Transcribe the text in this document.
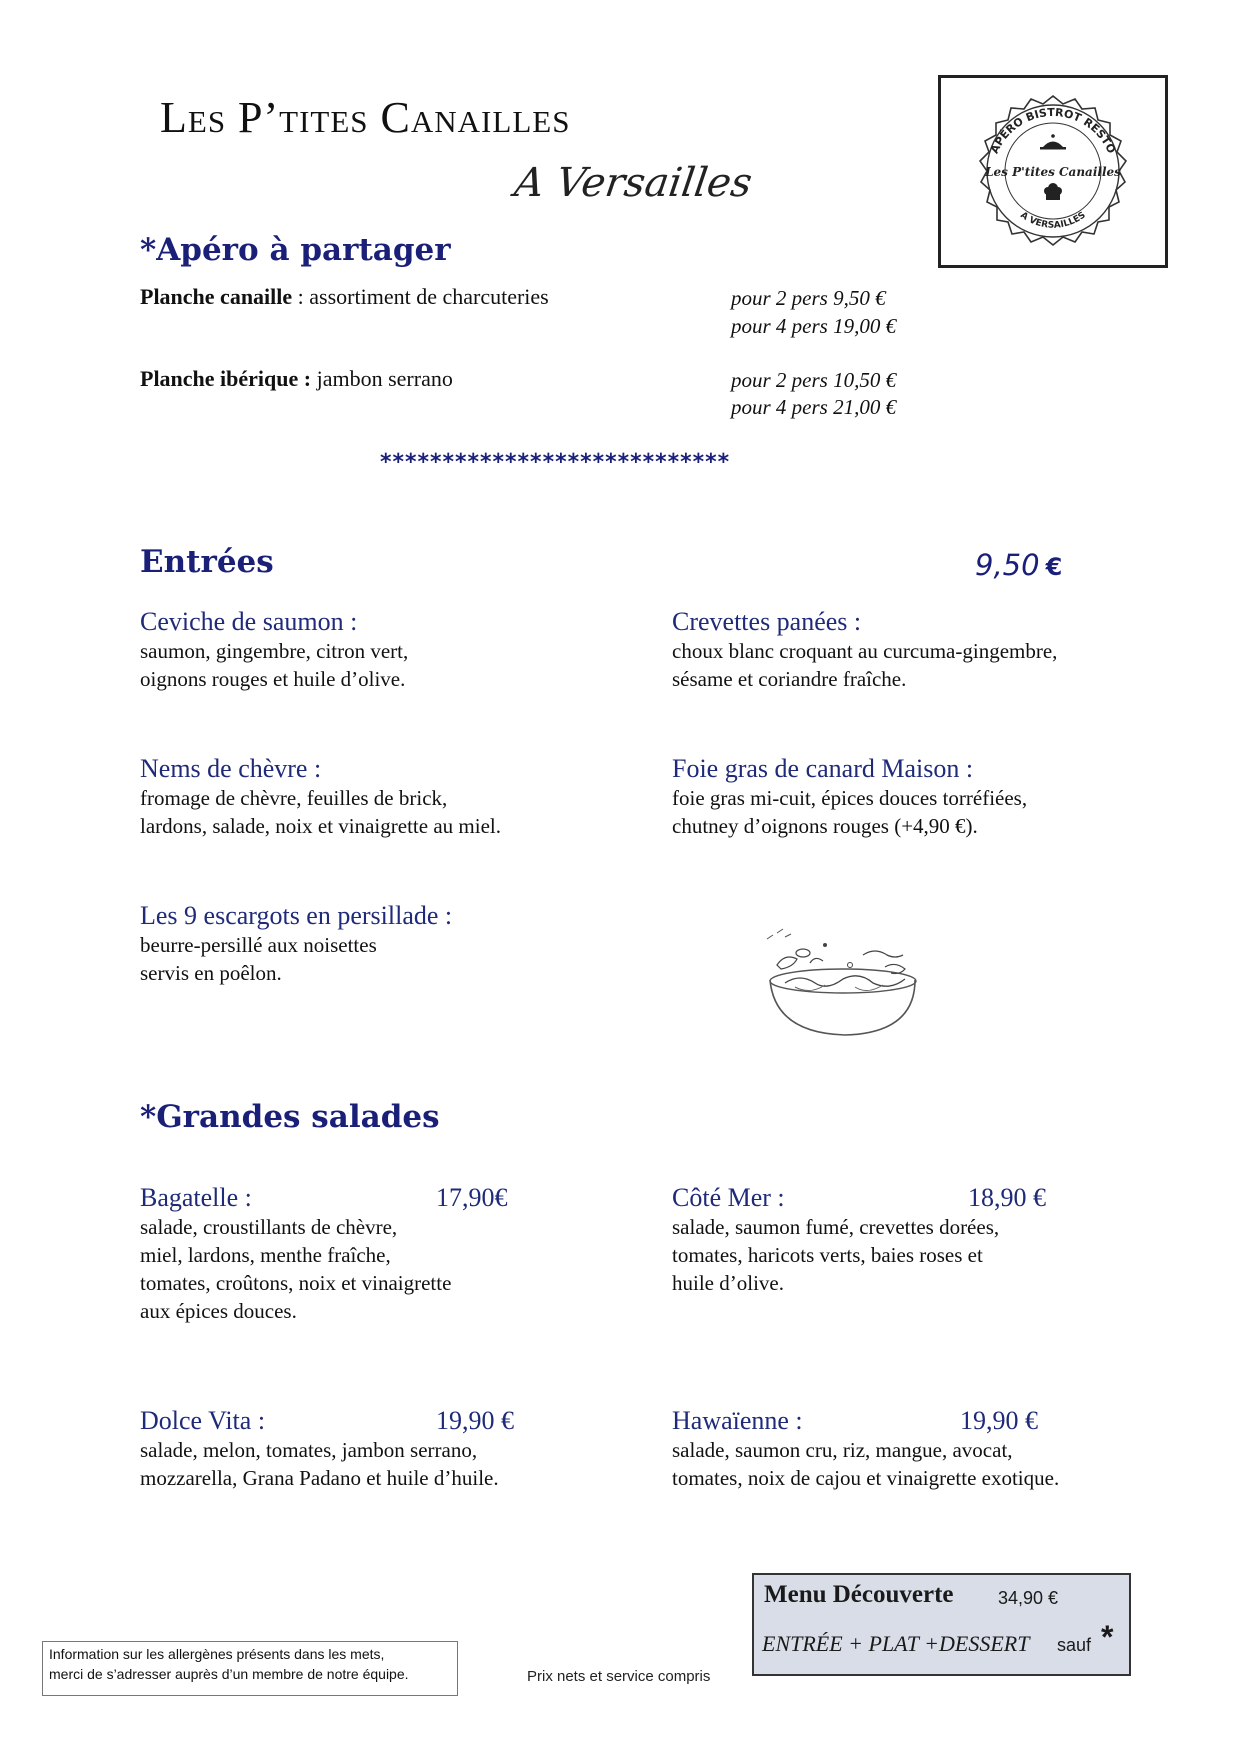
Les P’tites Canailles
A Versailles
APÉRO BISTROT RESTO
A VERSAILLES
Les P'tites Canailles
*Apéro à partager
Planche canaille : assortiment de charcuteries	pour 2 pers 9,50 €
pour 4 pers 19,00 €
Planche ibérique : jambon serrano	pour 2 pers 10,50 €
pour 4 pers 21,00 €
****************************
Entrées	9,50 €
Ceviche de saumon :
saumon, gingembre, citron vert,
oignons rouges et huile d’olive.
Crevettes panées :
choux blanc croquant au curcuma-gingembre,
sésame et coriandre fraîche.
Nems de chèvre :
fromage de chèvre, feuilles de brick,
lardons, salade, noix et vinaigrette au miel.
Foie gras de canard Maison :
foie gras mi-cuit, épices douces torréfiées,
chutney d’oignons rouges (+4,90 €).
Les 9 escargots en persillade :
beurre-persillé aux noisettes
servis en poêlon.
*Grandes salades
Bagatelle :	17,90€
salade, croustillants de chèvre,
miel, lardons, menthe fraîche,
tomates, croûtons, noix et vinaigrette
aux épices douces.
Côté Mer :	18,90 €
salade, saumon fumé, crevettes dorées,
tomates, haricots verts, baies roses et
huile d’olive.
Dolce Vita :	19,90 €
salade, melon, tomates, jambon serrano,
mozzarella, Grana Padano et huile d’huile.
Hawaïenne :	19,90 €
salade, saumon cru, riz, mangue, avocat,
tomates, noix de cajou et vinaigrette exotique.
Menu Découverte 34,90 €
ENTRÉE + PLAT +DESSERT sauf *
Information sur les allergènes présents dans les mets,
merci de s’adresser auprès d’un membre de notre équipe.	Prix nets et service compris
